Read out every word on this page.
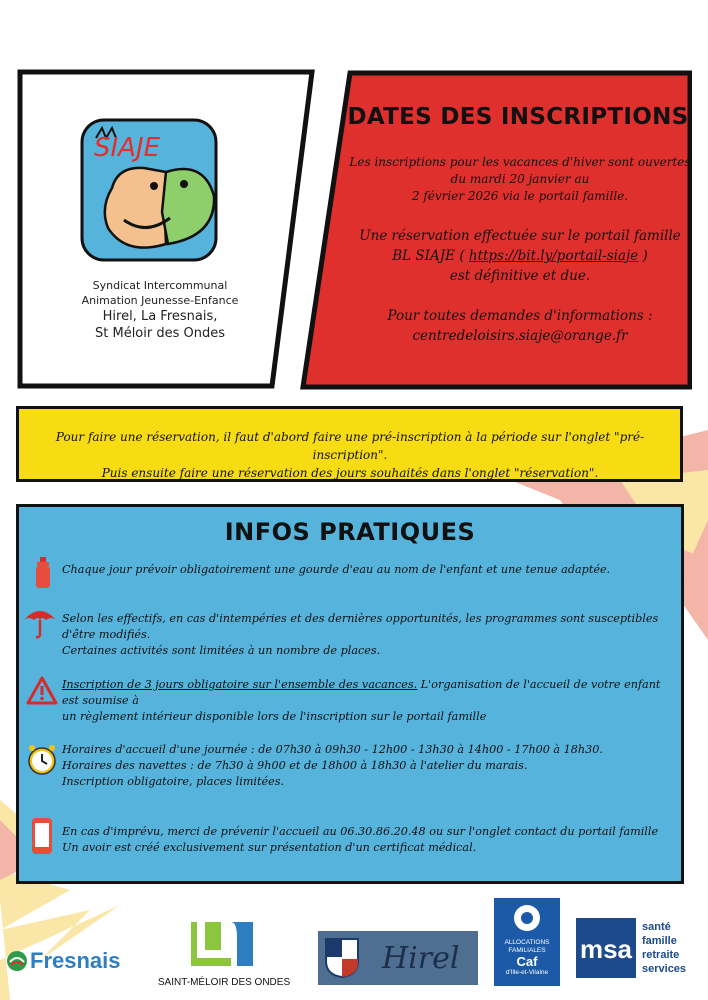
SIAJE
Syndicat Intercommunal
Animation Jeunesse-Enfance
Hirel, La Fresnais,
St Méloir des Ondes
DATES DES INSCRIPTIONS
Les inscriptions pour les vacances d'hiver sont ouvertes
du mardi 20 janvier au
2 février 2026 via le portail famille.
Une réservation effectuée sur le portail famille
BL SIAJE ( https://bit.ly/portail-siaje )
est définitive et due.
Pour toutes demandes d'informations :
centredeloisirs.siaje@orange.fr
Pour faire une réservation, il faut d'abord faire une pré-inscription à la période sur l'onglet "pré-inscription".
Puis ensuite faire une réservation des jours souhaités dans l'onglet "réservation".
INFOS PRATIQUES
Chaque jour prévoir obligatoirement une gourde d'eau au nom de l'enfant et une tenue adaptée.
Selon les effectifs, en cas d'intempéries et des dernières opportunités, les programmes sont susceptibles d'être modifiés.
Certaines activités sont limitées à un nombre de places.
Inscription de 3 jours obligatoire sur l'ensemble des vacances. L'organisation de l'accueil de votre enfant est soumise à
un règlement intérieur disponible lors de l'inscription sur le portail famille
Horaires d'accueil d'une journée : de 07h30 à 09h30 - 12h00 - 13h30 à 14h00 - 17h00 à 18h30.
Horaires des navettes : de 7h30 à 9h00 et de 18h00 à 18h30 à l'atelier du marais.
Inscription obligatoire, places limitées.
En cas d'imprévu, merci de prévenir l'accueil au 06.30.86.20.48 ou sur l'onglet contact du portail famille
Un avoir est créé exclusivement sur présentation d'un certificat médical.
Fresnais
SAINT-MÉLOIR DES ONDES
Hirel	ALLOCATIONS
FAMILIALES
Caf
d'Ille-et-Vilaine
msa
santé
famille
retraite
services
